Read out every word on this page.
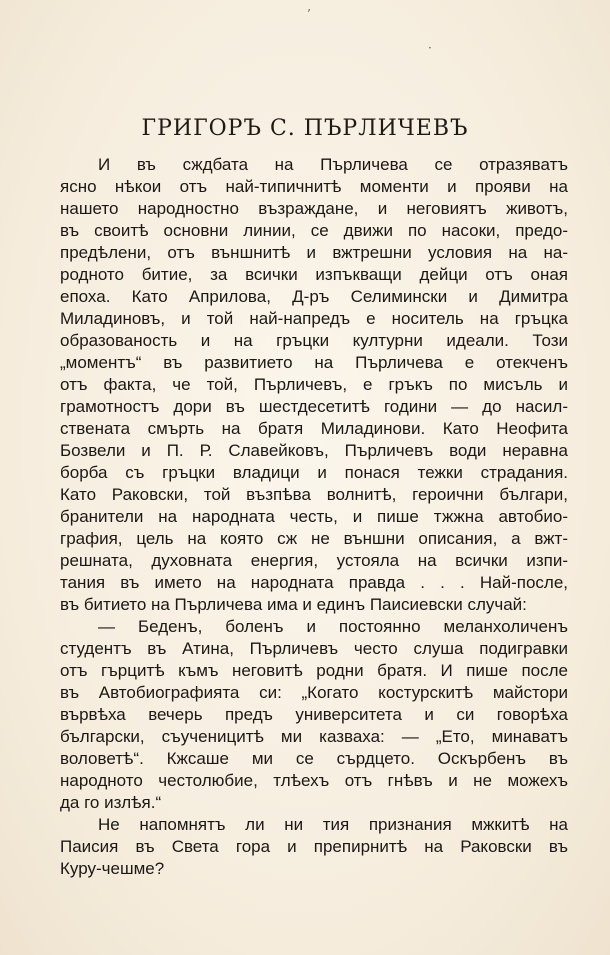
’
·
ГРИГОРЪ С. ПЪРЛИЧЕВЪ
И въ сждбата на Пърличева се отразяватъ
ясно нѣкои отъ най-типичнитѣ моменти и прояви на
нашето народностно възраждане, и неговиятъ животъ,
въ своитѣ основни линии, се движи по насоки, предо-
предѣлени, отъ външнитѣ и вжтрешни условия на на-
родното битие, за всички изпъкващи дейци отъ оная
епоха. Като Априлова, Д-ръ Селимински и Димитра
Миладиновъ, и той най-напредъ е носитель на гръцка
образованость и на гръцки културни идеали. Този
„моментъ“ въ развитието на Пърличева е отекченъ
отъ факта, че той, Пърличевъ, е гръкъ по мисъль и
грамотностъ дори въ шестдесетитѣ години — до насил-
ствената смърть на братя Миладинови. Като Неофита
Бозвели и П. Р. Славейковъ, Пърличевъ води неравна
борба съ гръцки владици и понася тежки страдания.
Като Раковски, той възпѣва волнитѣ, героични българи,
бранители на народната честь, и пише тжжна автобио-
графия, цель на която сж не външни описания, а вжт-
решната, духовната енергия, устояла на всички изпи-
тания въ името на народната правда . . . Най-после,
въ битието на Пърличева има и единъ Паисиевски случай:
— Беденъ, боленъ и постоянно меланхоличенъ
студентъ въ Атина, Пърличевъ често слуша подигравки
отъ гърцитѣ къмъ неговитѣ родни братя. И пише после
въ Автобиографията си: „Когато костурскитѣ майстори
вървѣха вечерь предъ университета и си говорѣха
български, съученицитѣ ми казваха: — „Ето, минаватъ
воловетѣ“. Кжсаше ми се сърдцето. Оскърбенъ въ
народното честолюбие, тлѣехъ отъ гнѣвъ и не можехъ
да го излѣя.“
Не напомнятъ ли ни тия признания мжкитѣ на
Паисия въ Света гора и препирнитѣ на Раковски въ
Куру-чешме?
